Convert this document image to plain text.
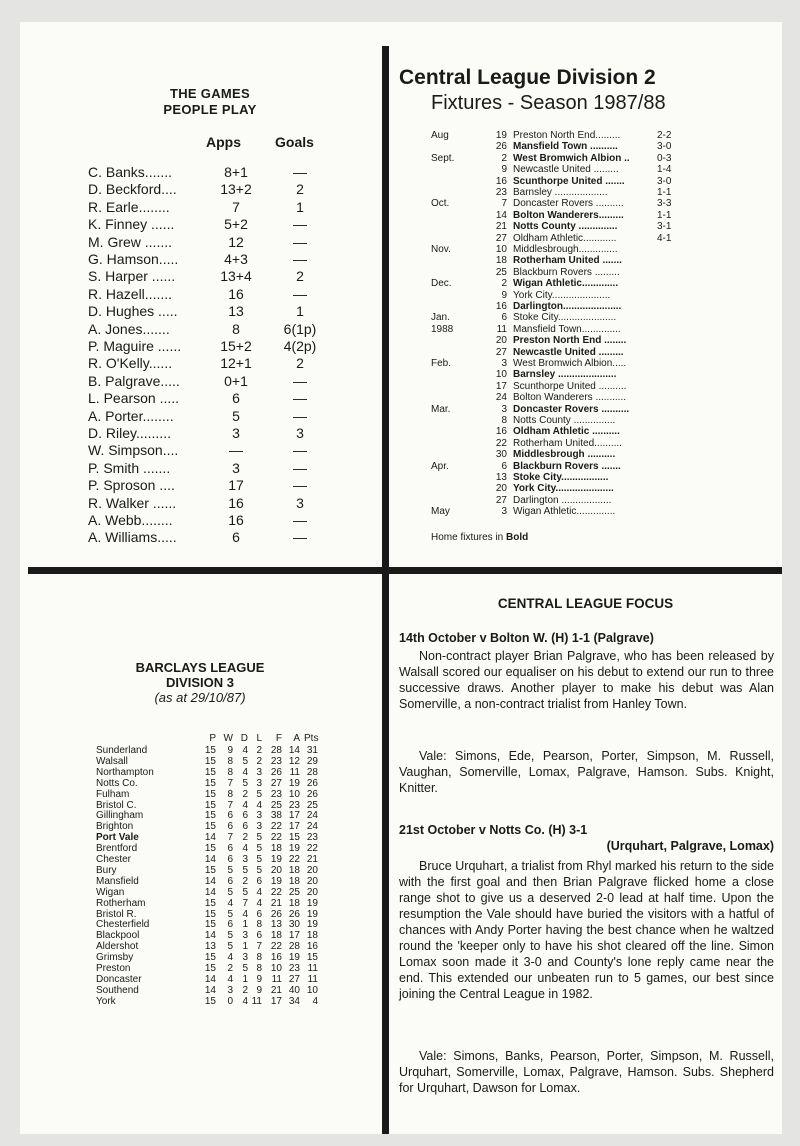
THE GAMES
PEOPLE PLAY
Apps Goals
C. Banks.......	8+1	—
D. Beckford....	13+2	2
R. Earle........	7	1
K. Finney ......	5+2	—
M. Grew .......	12	—
G. Hamson.....	4+3	—
S. Harper ......	13+4	2
R. Hazell.......	16	—
D. Hughes .....	13	1
A. Jones.......	8	6(1p)
P. Maguire ......	15+2	4(2p)
R. O'Kelly......	12+1	2
B. Palgrave.....	0+1	—
L. Pearson .....	6	—
A. Porter........	5	—
D. Riley.........	3	3
W. Simpson....	—	—
P. Smith .......	3	—
P. Sproson ....	17	—
R. Walker ......	16	3
A. Webb........	16	—
A. Williams.....	6	—
Central League Division 2
Fixtures - Season 1987/88
Aug	19 Preston North End.........	2-2
26 Mansfield Town ..........	3-0
Sept.	2 West Bromwich Albion ..	0-3
9 Newcastle United .........	1-4
16 Scunthorpe United .......	3-0
23 Barnsley ...................	1-1
Oct.	7 Doncaster Rovers ..........	3-3
14 Bolton Wanderers.........	1-1
21 Notts County ..............	3-1
27 Oldham Athletic............	4-1
Nov.	10 Middlesbrough..............
18 Rotherham United .......
25 Blackburn Rovers .........
Dec.	2 Wigan Athletic.............
9 York City.....................
16 Darlington.....................
Jan.	6 Stoke City.....................
1988	11 Mansfield Town..............
20 Preston North End ........
27 Newcastle United .........
Feb.	3 West Bromwich Albion.....
10 Barnsley .....................
17 Scunthorpe United ..........
24 Bolton Wanderers ...........
Mar.	3 Doncaster Rovers ..........
8 Notts County ...............
16 Oldham Athletic ..........
22 Rotherham United..........
30 Middlesbrough ..........
Apr.	6 Blackburn Rovers .......
13 Stoke City.................
20 York City.....................
27 Darlington ..................
May	3 Wigan Athletic..............
Home fixtures in Bold
BARCLAYS LEAGUE
DIVISION 3
(as at 29/10/87)
P W D L	F	A Pts
Sunderland	15	9 4 2 28 14 31
Walsall	15	8 5 2 23 12 29
Northampton	15	8 4 3 26 11 28
Notts Co.	15	7 5 3 27 19 26
Fulham	15	8 2 5 23 10 26
Bristol C.	15	7 4 4 25 23 25
Gillingham	15	6 6 3 38 17 24
Brighton	15	6 6 3 22 17 24
Port Vale	14	7 2 5 22 15 23
Brentford	15	6 4 5 18 19 22
Chester	14	6 3 5 19 22 21
Bury	15	5 5 5 20 18 20
Mansfield	14	6 2 6 19 18 20
Wigan	14	5 5 4 22 25 20
Rotherham	15	4 7 4 21 18 19
Bristol R.	15	5 4 6 26 26 19
Chesterfield	15	6 1 8 13 30 19
Blackpool	14	5 3 6 18 17 18
Aldershot	13	5 1 7 22 28 16
Grimsby	15	4 3 8 16 19 15
Preston	15	2 5 8 10 23 11
Doncaster	14	4 1 9 11 27 11
Southend	14	3 2 9 21 40 10
York	15	0 4 11 17 34	4
CENTRAL LEAGUE FOCUS
14th October v Bolton W. (H) 1-1 (Palgrave)
Non-contract player Brian Palgrave, who has been released by Walsall scored our equaliser on his debut to extend our run to three successive draws. Another player to make his debut was Alan Somerville, a non-contract trialist from Hanley Town.
Vale: Simons, Ede, Pearson, Porter, Simpson, M. Russell, Vaughan, Somerville, Lomax, Palgrave, Hamson. Subs. Knight, Knitter.
21st October v Notts Co. (H) 3-1
(Urquhart, Palgrave, Lomax)
Bruce Urquhart, a trialist from Rhyl marked his return to the side with the first goal and then Brian Palgrave flicked home a close range shot to give us a deserved 2-0 lead at half time. Upon the resumption the Vale should have buried the visitors with a hatful of chances with Andy Porter having the best chance when he waltzed round the 'keeper only to have his shot cleared off the line. Simon Lomax soon made it 3-0 and County's lone reply came near the end. This extended our unbeaten run to 5 games, our best since joining the Central League in 1982.
Vale: Simons, Banks, Pearson, Porter, Simpson, M. Russell, Urquhart, Somerville, Lomax, Palgrave, Hamson. Subs. Shepherd for Urquhart, Dawson for Lomax.
